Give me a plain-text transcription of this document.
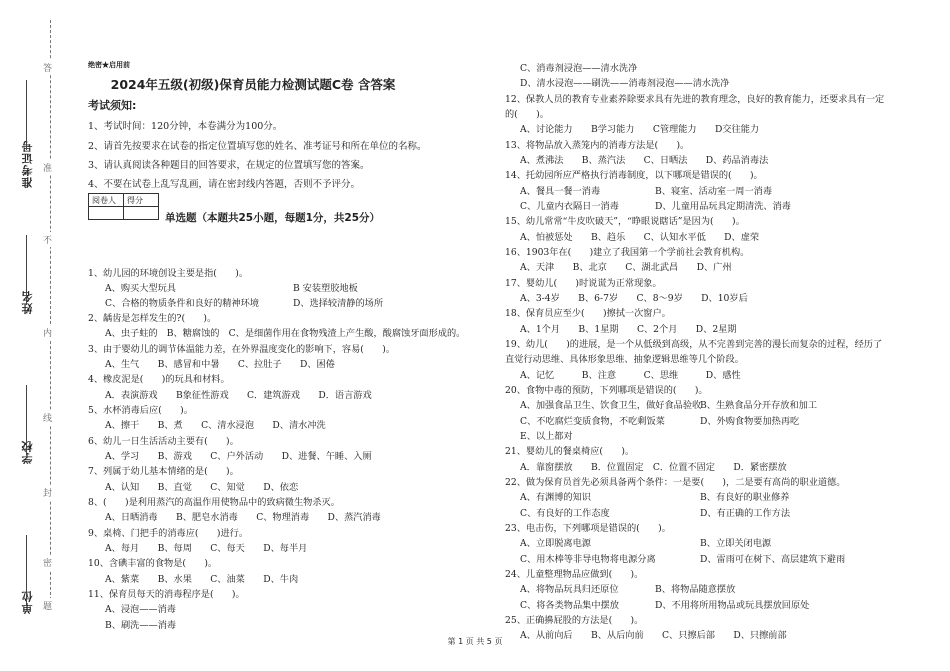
准考证号
姓名
学校
单位 题
答
准
不
内
线
封
密
绝密★启用前
2024年五级(初级)保育员能力检测试题C卷 含答案
考试须知:
1、考试时间：120分钟，本卷满分为100分。
2、请首先按要求在试卷的指定位置填写您的姓名、准考证号和所在单位的名称。
3、请认真阅读各种题目的回答要求，在规定的位置填写您的答案。
4、不要在试卷上乱写乱画，请在密封线内答题，否则不予评分。
阅卷人	得分

单选题（本题共25小题，每题1分，共25分）
1、幼儿园的环境创设主要是指(　　)。
A、购买大型玩具	B 安装塑胶地板
C、合格的物质条件和良好的精神环境	D、选择较清静的场所
2、龋齿是怎样发生的?(　　)。
A、虫子蛀的　B、糖腐蚀的　C、是细菌作用在食物残渣上产生酸，酸腐蚀牙面形成的。
3、由于婴幼儿的调节体温能力差，在外界温度变化的影响下，容易(　　)。
A、生气　　B、感冒和中暑　　C、拉肚子　　D、困倦
4、橡皮泥是(　　)的玩具和材料。
A．表演游戏　　B象征性游戏　　C．建筑游戏　　D．语言游戏
5、水杯消毒后应(　　)。
A、擦干　　B、煮　　C、清水浸泡　　D、清水冲洗
6、幼儿一日生活活动主要有(　　)。
A、学习　　B、游戏　　C、户外活动　　D、进餐、午睡、入厕
7、列属于幼儿基本情绪的是(　　)。
A、认知　　B、直觉　　C、知觉　　D、依恋
8、(　　)是利用蒸汽的高温作用使物品中的致病微生物杀灭。
A、日晒消毒　　B、肥皂水消毒　　C、物理消毒　　D、蒸汽消毒
9、桌椅、门把手的消毒应(　　)进行。
A、每月　　B、每周　　C、每天　　D、每半月
10、含碘丰富的食物是(　　)。
A、紫菜　　B、水果　　C、油菜　　D、牛肉
11、保育员每天的消毒程序是(　　)。
A、浸泡——消毒
B、刷洗——消毒
C、消毒剂浸泡——清水洗净
D、清水浸泡——刷洗——消毒剂浸泡——清水洗净
12、保教人员的教育专业素养除要求具有先进的教育理念，良好的教育能力，还要求具有一定
的(　　)。
A、讨论能力　　B学习能力　　C管理能力　　D交往能力
13、将物品放入蒸笼内的消毒方法是(　　)。
A、煮沸法　　B、蒸汽法　　C、日晒法　　D、药品消毒法
14、托幼园所应严格执行消毒制度，以下哪项是错误的(　　)。
A、餐具一餐一消毒	B、寝室、活动室一周一消毒
C、儿童内衣隔日一消毒	D、儿童用品玩具定期清洗、消毒
15、幼儿常常“牛皮吹破天”，“睁眼说瞎话”是因为(　　)。
A、怕被惩处　　B、趋乐　　C、认知水平低　　D、虚荣
16、1903年在(　　)建立了我国第一个学前社会教育机构。
A、天津　　B、北京　　C、湖北武昌　　D、广州
17、婴幼儿(　　)时说谎为正常现象。
A、3-4岁　　B、6-7岁　　C、8～9岁　　D、10岁后
18、保育员应至少(　　)擦拭一次窗户。
A、1个月　　B、1星期　　C、2个月　　D、2星期
19、幼儿(　　)的进展，是一个从低级到高级，从不完善到完善的漫长而复杂的过程，经历了
直觉行动思维、具体形象思维、抽象逻辑思维等几个阶段。
A、记忆　　　B、注意　　　C、思维　　　D、感性
20、食物中毒的预防，下列哪项是错误的(　　)。
A、加强食品卫生、饮食卫生，做好食品验收
B、生熟食品分开存放和加工
C、不吃腐烂变质食物，不吃剩饭菜	D、外购食物要加热再吃
E、以上都对
21、婴幼儿的餐桌椅应(　　)。
A．靠窗摆放　　B．位置固定　C．位置不固定　　D．紧密摆放
22、做为保育员首先必须具备两个条件：一是要(　　)，二是要有高尚的职业道德。
A、有渊博的知识	B、有良好的职业修养
C、有良好的工作态度	D、有正确的工作方法
23、电击伤，下列哪项是错误的(　　)。
A、立即脱离电源	B、立即关闭电源
C、用木棒等非导电物将电源分离	D、雷雨可在树下、高层建筑下避雨
24、儿童整理物品应做到(　　)。
A、将物品玩具归还原位	B、将物品随意摆放
C、将各类物品集中摆放	D、不用将所用物品或玩具摆放回原处
25、正确擤屁股的方法是(　　)。
A、从前向后　　B、从后向前　　C、只擦后部　　D、只擦前部
第 1 页 共 5 页
